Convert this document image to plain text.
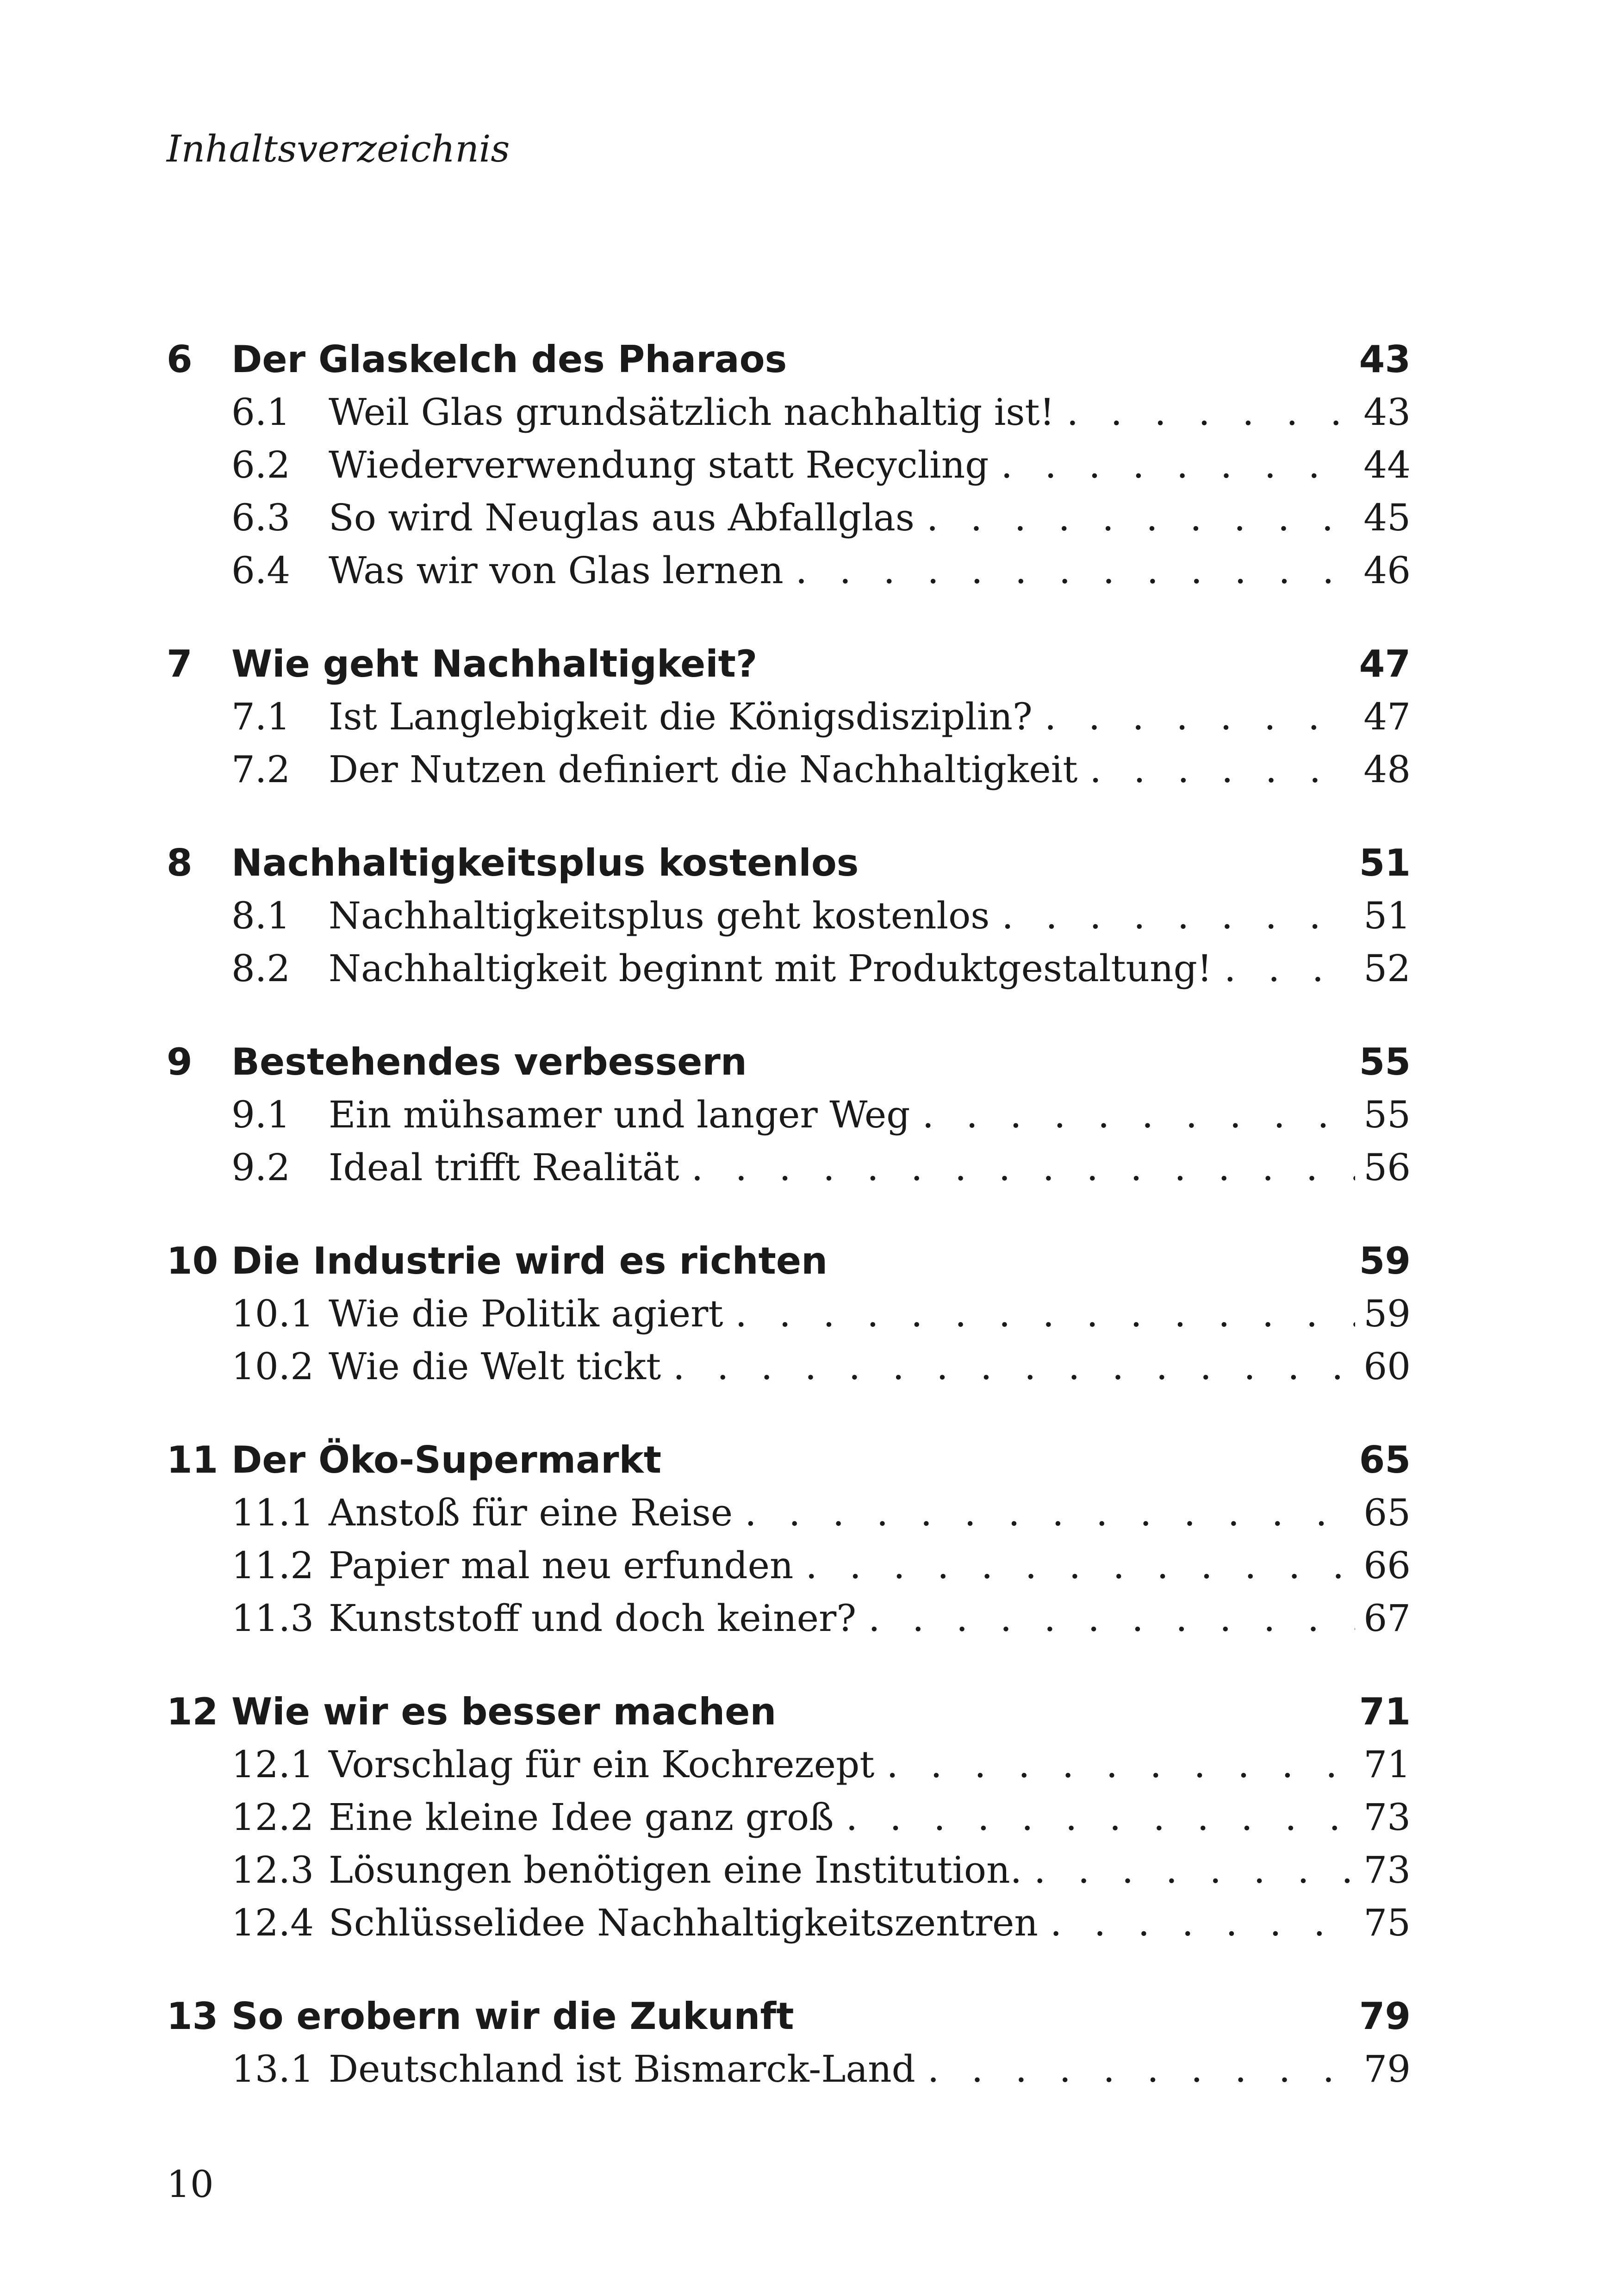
Inhaltsverzeichnis
6	Der Glaskelch des Pharaos	43
6.1	Weil Glas grundsätzlich nachhaltig ist! . . .	43
6.2	Wiederverwendung statt Recycling . . .	44
6.3	So wird Neuglas aus Abfallglas . . .	45
6.4	Was wir von Glas lernen . . .	46
7	Wie geht Nachhaltigkeit?	47
7.1	Ist Langlebigkeit die Königsdisziplin? . . .	47
7.2	Der Nutzen definiert die Nachhaltigkeit . . .	48
8	Nachhaltigkeitsplus kostenlos	51
8.1	Nachhaltigkeitsplus geht kostenlos . . .	51
8.2	Nachhaltigkeit beginnt mit Produktgestaltung! . . .	52
9	Bestehendes verbessern	55
9.1	Ein mühsamer und langer Weg . . .	55
9.2	Ideal trifft Realität . . .	56
10 Die Industrie wird es richten	59
10.1 Wie die Politik agiert . . .	59
10.2 Wie die Welt tickt . . .	60
11 Der Öko-Supermarkt	65
11.1 Anstoß für eine Reise . . .	65
11.2 Papier mal neu erfunden . . .	66
11.3 Kunststoff und doch keiner? . . .	67
12 Wie wir es besser machen	71
12.1 Vorschlag für ein Kochrezept . . .	71
12.2 Eine kleine Idee ganz groß . . .	73
12.3 Lösungen benötigen eine Institution. . . .	73
12.4 Schlüsselidee Nachhaltigkeitszentren . . .	75
13 So erobern wir die Zukunft	79
13.1 Deutschland ist Bismarck-Land . . .	79
10
